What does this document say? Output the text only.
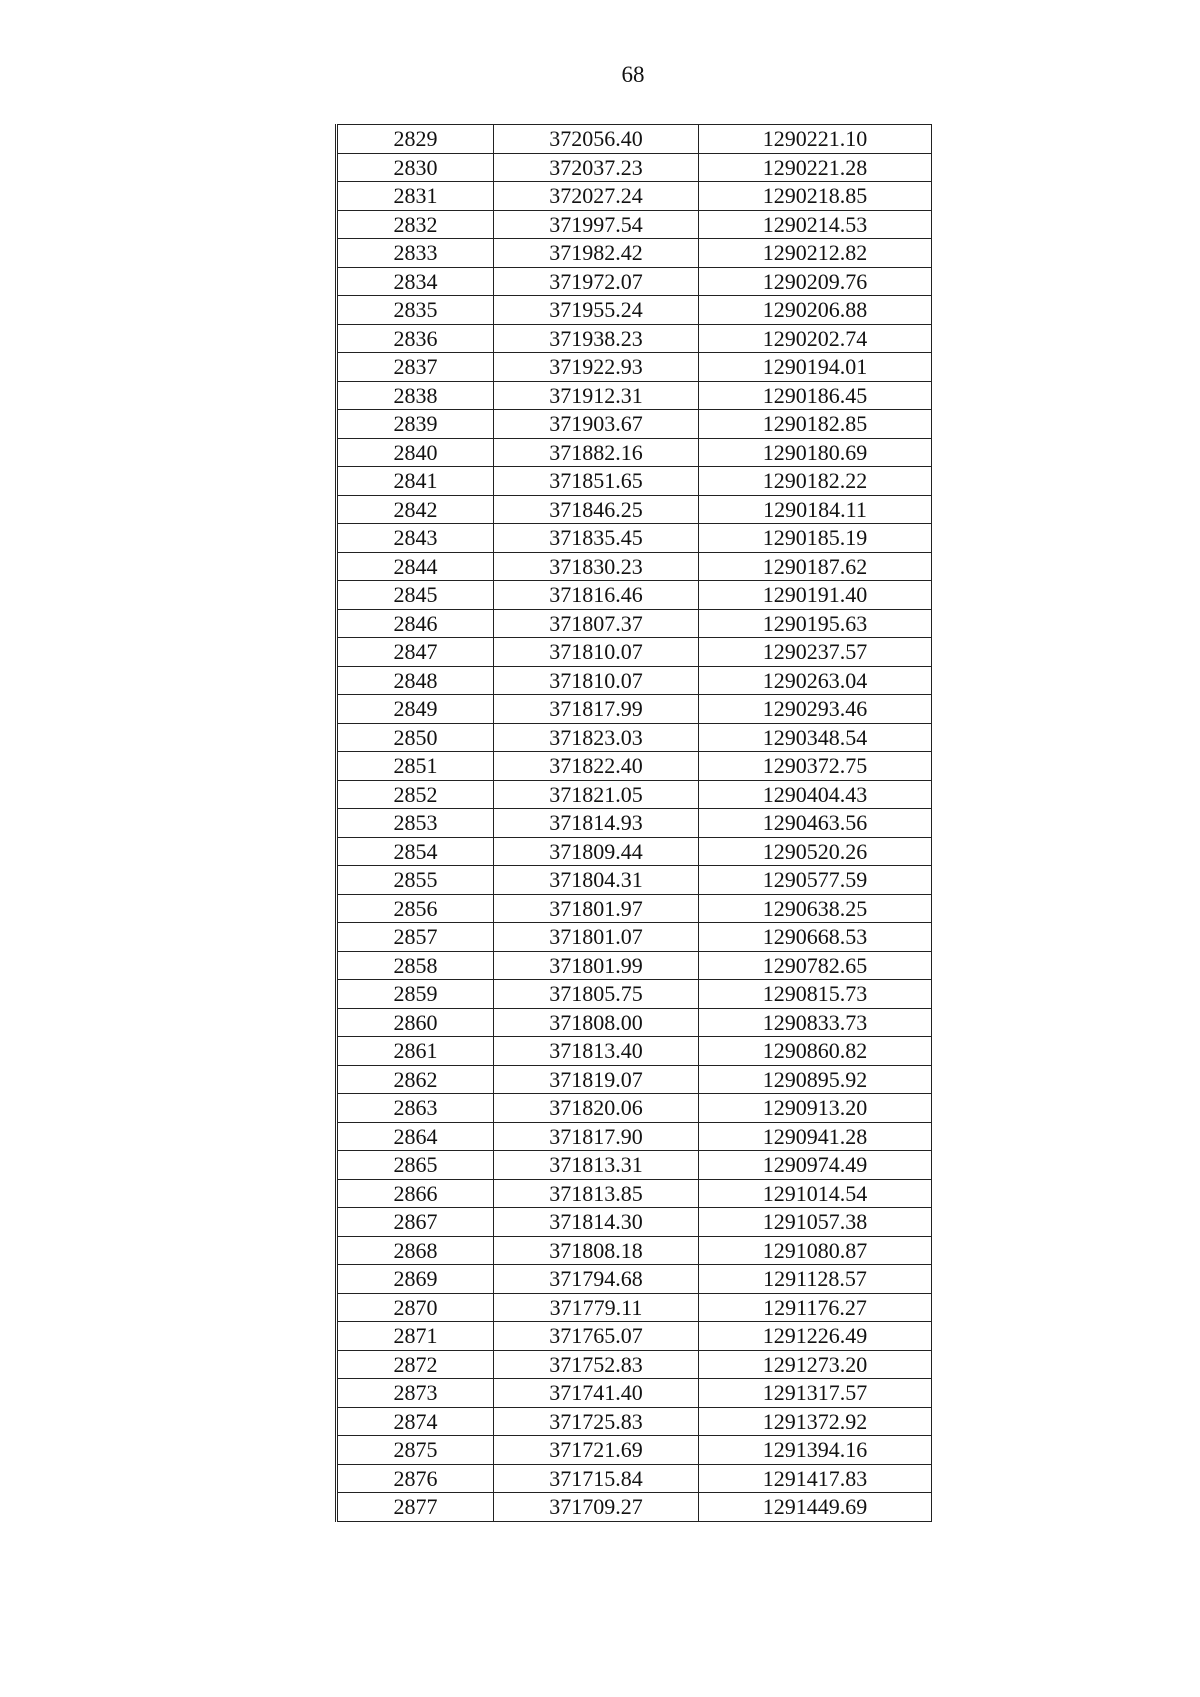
68
2829	372056.40	1290221.10
2830	372037.23	1290221.28
2831	372027.24	1290218.85
2832	371997.54	1290214.53
2833	371982.42	1290212.82
2834	371972.07	1290209.76
2835	371955.24	1290206.88
2836	371938.23	1290202.74
2837	371922.93	1290194.01
2838	371912.31	1290186.45
2839	371903.67	1290182.85
2840	371882.16	1290180.69
2841	371851.65	1290182.22
2842	371846.25	1290184.11
2843	371835.45	1290185.19
2844	371830.23	1290187.62
2845	371816.46	1290191.40
2846	371807.37	1290195.63
2847	371810.07	1290237.57
2848	371810.07	1290263.04
2849	371817.99	1290293.46
2850	371823.03	1290348.54
2851	371822.40	1290372.75
2852	371821.05	1290404.43
2853	371814.93	1290463.56
2854	371809.44	1290520.26
2855	371804.31	1290577.59
2856	371801.97	1290638.25
2857	371801.07	1290668.53
2858	371801.99	1290782.65
2859	371805.75	1290815.73
2860	371808.00	1290833.73
2861	371813.40	1290860.82
2862	371819.07	1290895.92
2863	371820.06	1290913.20
2864	371817.90	1290941.28
2865	371813.31	1290974.49
2866	371813.85	1291014.54
2867	371814.30	1291057.38
2868	371808.18	1291080.87
2869	371794.68	1291128.57
2870	371779.11	1291176.27
2871	371765.07	1291226.49
2872	371752.83	1291273.20
2873	371741.40	1291317.57
2874	371725.83	1291372.92
2875	371721.69	1291394.16
2876	371715.84	1291417.83
2877	371709.27	1291449.69
